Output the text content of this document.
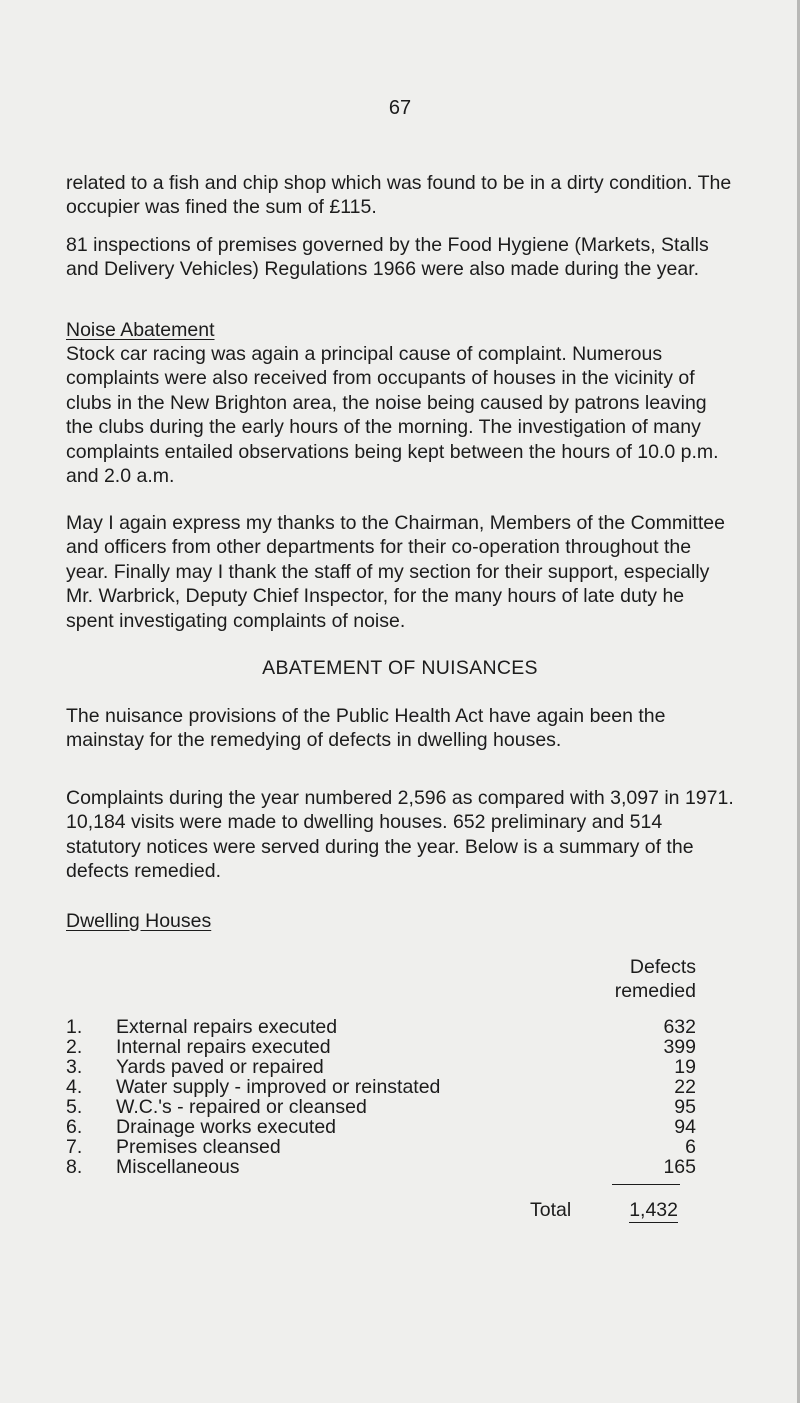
67

related to a fish and chip shop which was found to be in a dirty condition. The occupier was fined the sum of £115.

81 inspections of premises governed by the Food Hygiene (Markets, Stalls and Delivery Vehicles) Regulations 1966 were also made during the year.

Noise Abatement

Stock car racing was again a principal cause of complaint. Numerous complaints were also received from occupants of houses in the vicinity of clubs in the New Brighton area, the noise being caused by patrons leaving the clubs during the early hours of the morning. The investigation of many complaints entailed observations being kept between the hours of 10.0 p.m. and 2.0 a.m.

May I again express my thanks to the Chairman, Members of the Committee and officers from other departments for their co-operation throughout the year. Finally may I thank the staff of my section for their support, especially Mr. Warbrick, Deputy Chief Inspector, for the many hours of late duty he spent investigating complaints of noise.

ABATEMENT OF NUISANCES

The nuisance provisions of the Public Health Act have again been the mainstay for the remedying of defects in dwelling houses.

Complaints during the year numbered 2,596 as compared with 3,097 in 1971. 10,184 visits were made to dwelling houses. 652 preliminary and 514 statutory notices were served during the year. Below is a summary of the defects remedied.

Dwelling Houses
Defects
remedied
1. External repairs executed	632
2. Internal repairs executed	399
3. Yards paved or repaired	19
4. Water supply - improved or reinstated	22
5. W.C.'s - repaired or cleansed	95
6. Drainage works executed	94
7. Premises cleansed	6
8. Miscellaneous	165
Total	1,432
